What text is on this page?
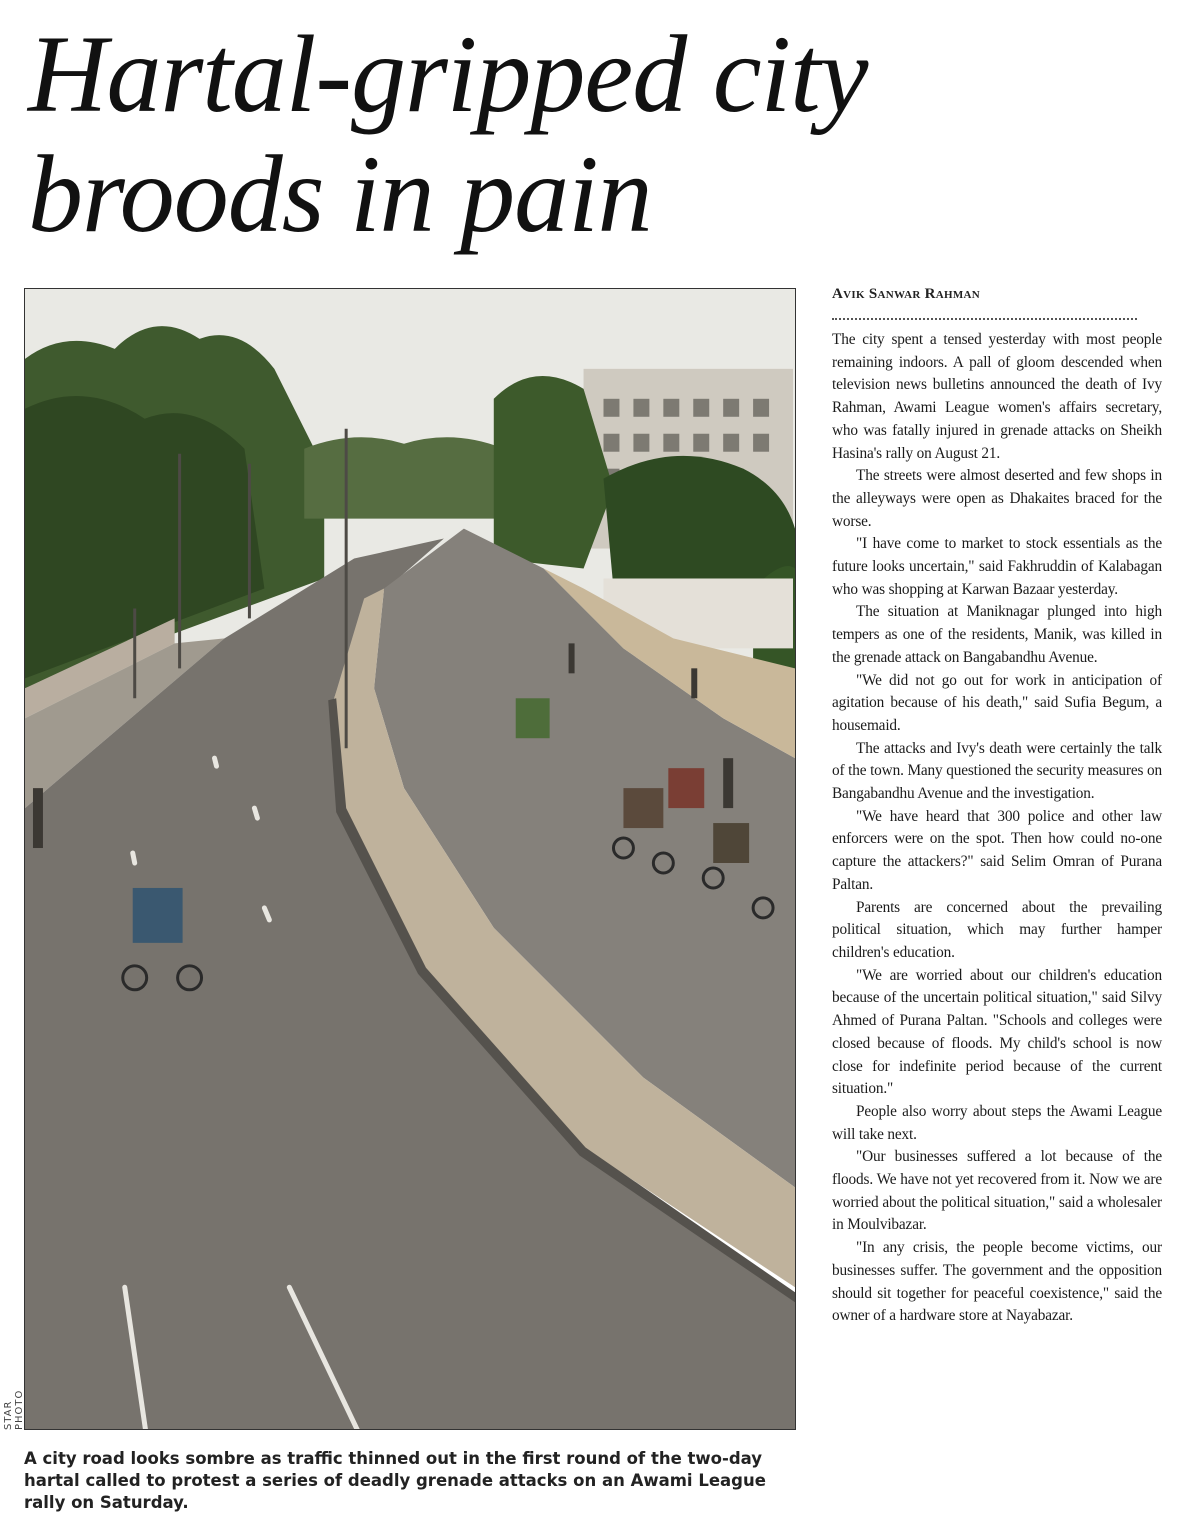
Hartal-gripped city
broods in pain
STAR PHOTO

A city road looks sombre as traffic thinned out in the first round of the two-day hartal called to protest a series of deadly grenade attacks on an Awami League rally on Saturday.

Avik Sanwar Rahman

The city spent a tensed yesterday with most people remaining indoors. A pall of gloom descended when television news bulletins announced the death of Ivy Rahman, Awami League women's affairs secretary, who was fatally injured in grenade attacks on Sheikh Hasina's rally on August 21.

The streets were almost deserted and few shops in the alleyways were open as Dhakaites braced for the worse.

"I have come to market to stock essentials as the future looks uncertain," said Fakhruddin of Kalabagan who was shopping at Karwan Bazaar yesterday.

The situation at Maniknagar plunged into high tempers as one of the residents, Manik, was killed in the grenade attack on Bangabandhu Avenue.

"We did not go out for work in anticipation of agitation because of his death," said Sufia Begum, a housemaid.

The attacks and Ivy's death were certainly the talk of the town. Many questioned the security measures on Bangabandhu Avenue and the investigation.

"We have heard that 300 police and other law enforcers were on the spot. Then how could no-one capture the attackers?" said Selim Omran of Purana Paltan.

Parents are concerned about the prevailing political situation, which may further hamper children's education.

"We are worried about our children's education because of the uncertain political situation," said Silvy Ahmed of Purana Paltan. "Schools and colleges were closed because of floods. My child's school is now close for indefinite period because of the current situation."

People also worry about steps the Awami League will take next.

"Our businesses suffered a lot because of the floods. We have not yet recovered from it. Now we are worried about the political situation," said a wholesaler in Moulvibazar.

"In any crisis, the people become victims, our businesses suffer. The government and the opposition should sit together for peaceful coexistence," said the owner of a hardware store at Nayabazar.
